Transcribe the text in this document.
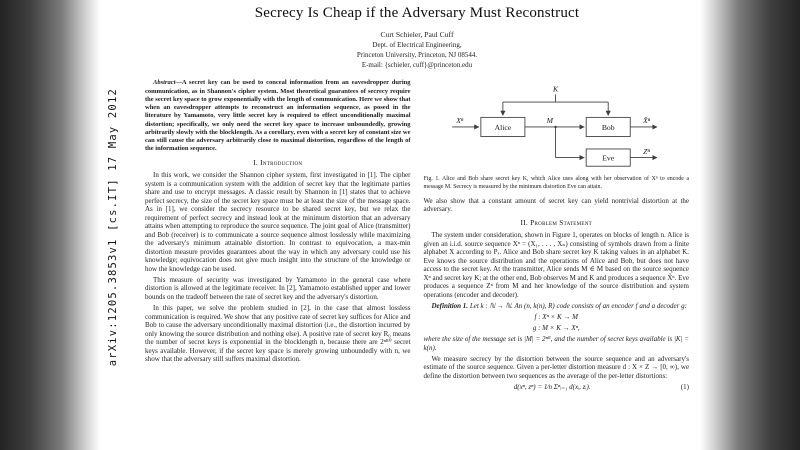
arXiv:1205.3853v1 [cs.IT] 17 May 2012
Secrecy Is Cheap if the Adversary Must Reconstruct
Curt Schieler, Paul Cuff
Dept. of Electrical Engineering,
Princeton University, Princeton, NJ 08544.
E-mail: {schieler, cuff}@princeton.edu

Abstract—A secret key can be used to conceal information from an eavesdropper during communication, as in Shannon's cipher system. Most theoretical guarantees of secrecy require the secret key space to grow exponentially with the length of communication. Here we show that when an eavesdropper attempts to reconstruct an information sequence, as posed in the literature by Yamamoto, very little secret key is required to effect unconditionally maximal distortion; specifically, we only need the secret key space to increase unboundedly, growing arbitrarily slowly with the blocklength. As a corollary, even with a secret key of constant size we can still cause the adversary arbitrarily close to maximal distortion, regardless of the length of the information sequence.

I. Introduction

In this work, we consider the Shannon cipher system, first investigated in [1]. The cipher system is a communication system with the addition of secret key that the legitimate parties share and use to encrypt messages. A classic result by Shannon in [1] states that to achieve perfect secrecy, the size of the secret key space must be at least the size of the message space. As in [1], we consider the secrecy resource to be shared secret key, but we relax the requirement of perfect secrecy and instead look at the minimum distortion that an adversary attains when attempting to reproduce the source sequence. The joint goal of Alice (transmitter) and Bob (receiver) is to communicate a source sequence almost losslessly while maximizing the adversary's minimum attainable distortion. In contrast to equivocation, a max-min distortion measure provides guarantees about the way in which any adversary could use his knowledge; equivocation does not give much insight into the structure of the knowledge or how the knowledge can be used.

This measure of security was investigated by Yamamoto in the general case where distortion is allowed at the legitimate receiver. In [2], Yamamoto established upper and lower bounds on the tradeoff between the rate of secret key and the adversary's distortion.

In this paper, we solve the problem studied in [2], in the case that almost lossless communication is required. We show that any positive rate of secret key suffices for Alice and Bob to cause the adversary unconditionally maximal distortion (i.e., the distortion incurred by only knowing the source distribution and nothing else). A positive rate of secret key R₀ means the number of secret keys is exponential in the blocklength n, because there are 2ⁿᴿ⁰ secret keys available. However, if the secret key space is merely growing unboundedly with n, we show that the adversary still suffers maximal distortion.

K
Xⁿ
Alice
M
Bob
X̂ⁿ
Eve
Zⁿ
Fig. 1. Alice and Bob share secret key K, which Alice uses along with her observation of Xⁿ to encode a message M. Secrecy is measured by the minimum distortion Eve can attain.

We also show that a constant amount of secret key can yield nontrivial distortion at the adversary.

II. Problem Statement

The system under consideration, shown in Figure 1, operates on blocks of length n. Alice is given an i.i.d. source sequence Xⁿ = (X₁, . . . , Xₙ) consisting of symbols drawn from a finite alphabet X according to Pₓ. Alice and Bob share secret key K taking values in an alphabet K. Eve knows the source distribution and the operations of Alice and Bob, but does not have access to the secret key. At the transmitter, Alice sends M ∈ M based on the source sequence Xⁿ and secret key K; at the other end, Bob observes M and K and produces a sequence X̂ⁿ. Eve produces a sequence Zⁿ from M and her knowledge of the source distribution and system operations (encoder and decoder).

Definition 1. Let k : ℕ → ℕ. An (n, k(n), R) code consists of an encoder f and a decoder g:

f : Xⁿ × K → M
g : M × K → Xⁿ,

where the size of the message set is |M| = 2ⁿᴿ, and the number of secret keys available is |K| = k(n).

We measure secrecy by the distortion between the source sequence and an adversary's estimate of the source sequence. Given a per-letter distortion measure d : X × Z → [0, ∞), we define the distortion between two sequences as the average of the per-letter distortions:

d(xⁿ, zⁿ) = 1⁄n Σⁿᵢ₌₁ d(xᵢ, zᵢ).	(1)
